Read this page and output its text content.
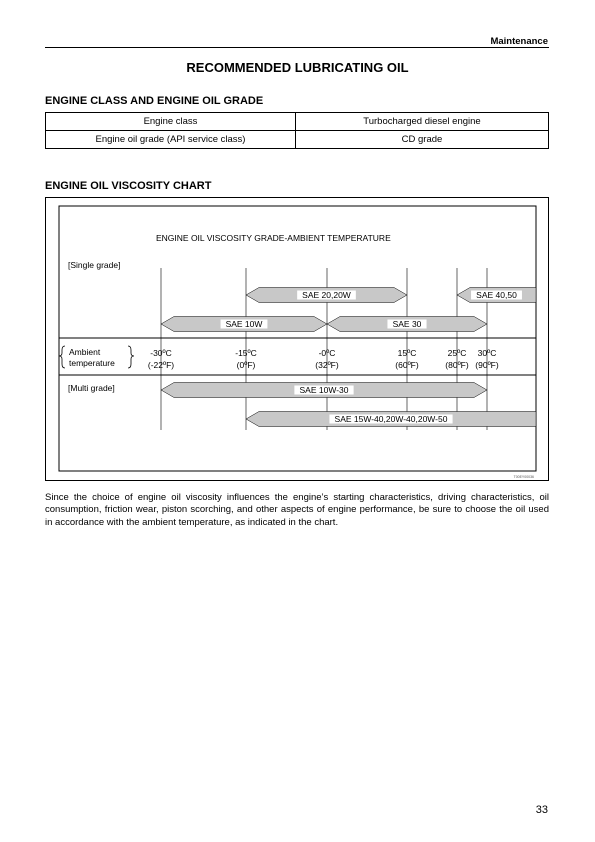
Maintenance
RECOMMENDED LUBRICATING OIL
ENGINE CLASS AND ENGINE OIL GRADE
Engine class	Turbocharged diesel engine
Engine oil grade (API service class)	CD grade
ENGINE OIL VISCOSITY CHART
ENGINE OIL VISCOSITY GRADE-AMBIENT TEMPERATURE
[Single grade]
[Multi grade]
Ambient
temperature
SAE 20,20W	SAE 40,50
SAE 10W	SAE 30
SAE 10W-30
SAE 15W-40,20W-40,20W-50
-30ºC
(-22ºF)
-15ºC
(0ºF)
-0ºC
(32ºF)
15ºC
(60ºF)
25ºC
(80ºF)
30ºC
(90ºF)
T00EY00036
Since the choice of engine oil viscosity influences the engine’s starting characteristics, driving characteristics, oil consumption, friction wear, piston scorching, and other aspects of engine performance, be sure to choose the oil used in accordance with the ambient temperature, as indicated in the chart.
33
